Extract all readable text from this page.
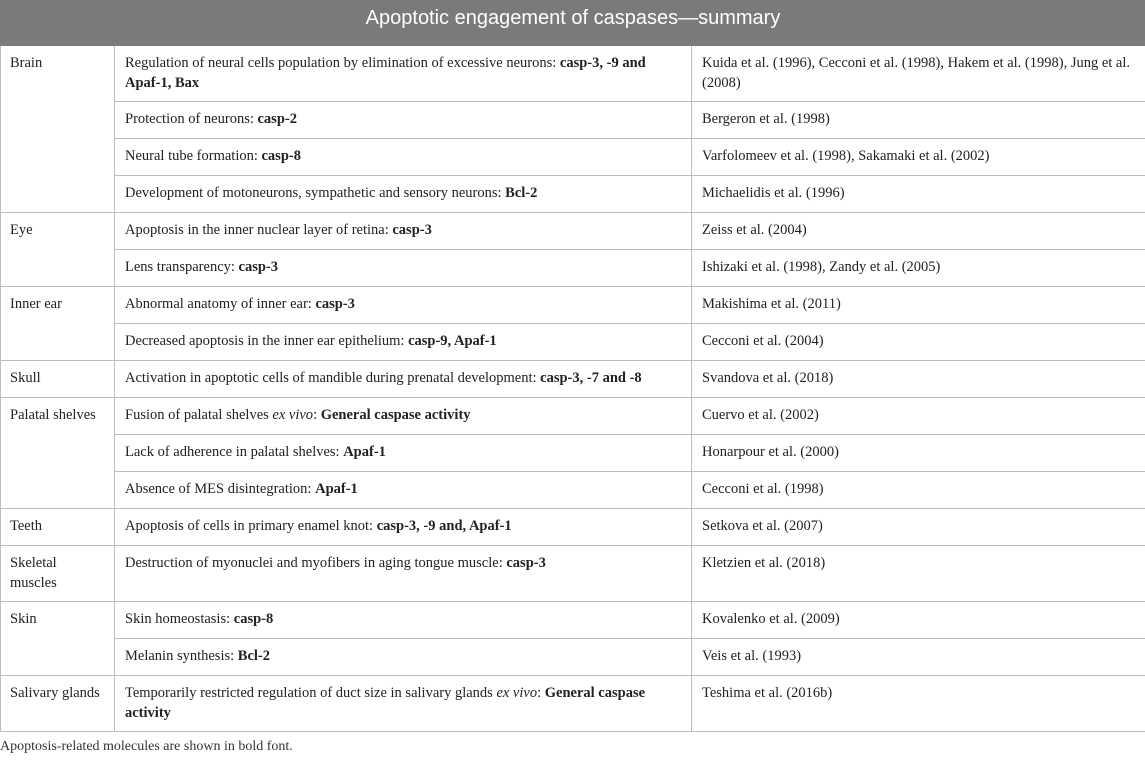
Apoptotic engagement of caspases—summary		
Brain	Regulation of neural cells population by elimination of excessive neurons: casp-3, -9 and Apaf-1, Bax	Kuida et al. (1996), Cecconi et al. (1998), Hakem et al. (1998), Jung et al. (2008)
	Protection of neurons: casp-2	Bergeron et al. (1998)
	Neural tube formation: casp-8	Varfolomeev et al. (1998), Sakamaki et al. (2002)
	Development of motoneurons, sympathetic and sensory neurons: Bcl-2	Michaelidis et al. (1996)
Eye	Apoptosis in the inner nuclear layer of retina: casp-3	Zeiss et al. (2004)
	Lens transparency: casp-3	Ishizaki et al. (1998), Zandy et al. (2005)
Inner ear	Abnormal anatomy of inner ear: casp-3	Makishima et al. (2011)
	Decreased apoptosis in the inner ear epithelium: casp-9, Apaf-1	Cecconi et al. (2004)
Skull	Activation in apoptotic cells of mandible during prenatal development: casp-3, -7 and -8	Svandova et al. (2018)
Palatal shelves	Fusion of palatal shelves ex vivo: General caspase activity	Cuervo et al. (2002)
	Lack of adherence in palatal shelves: Apaf-1	Honarpour et al. (2000)
	Absence of MES disintegration: Apaf-1	Cecconi et al. (1998)
Teeth	Apoptosis of cells in primary enamel knot: casp-3, -9 and, Apaf-1	Setkova et al. (2007)
Skeletal muscles	Destruction of myonuclei and myofibers in aging tongue muscle: casp-3	Kletzien et al. (2018)
Skin	Skin homeostasis: casp-8	Kovalenko et al. (2009)
	Melanin synthesis: Bcl-2	Veis et al. (1993)
Salivary glands	Temporarily restricted regulation of duct size in salivary glands ex vivo: General caspase activity	Teshima et al. (2016b)
Apoptosis-related molecules are shown in bold font.
